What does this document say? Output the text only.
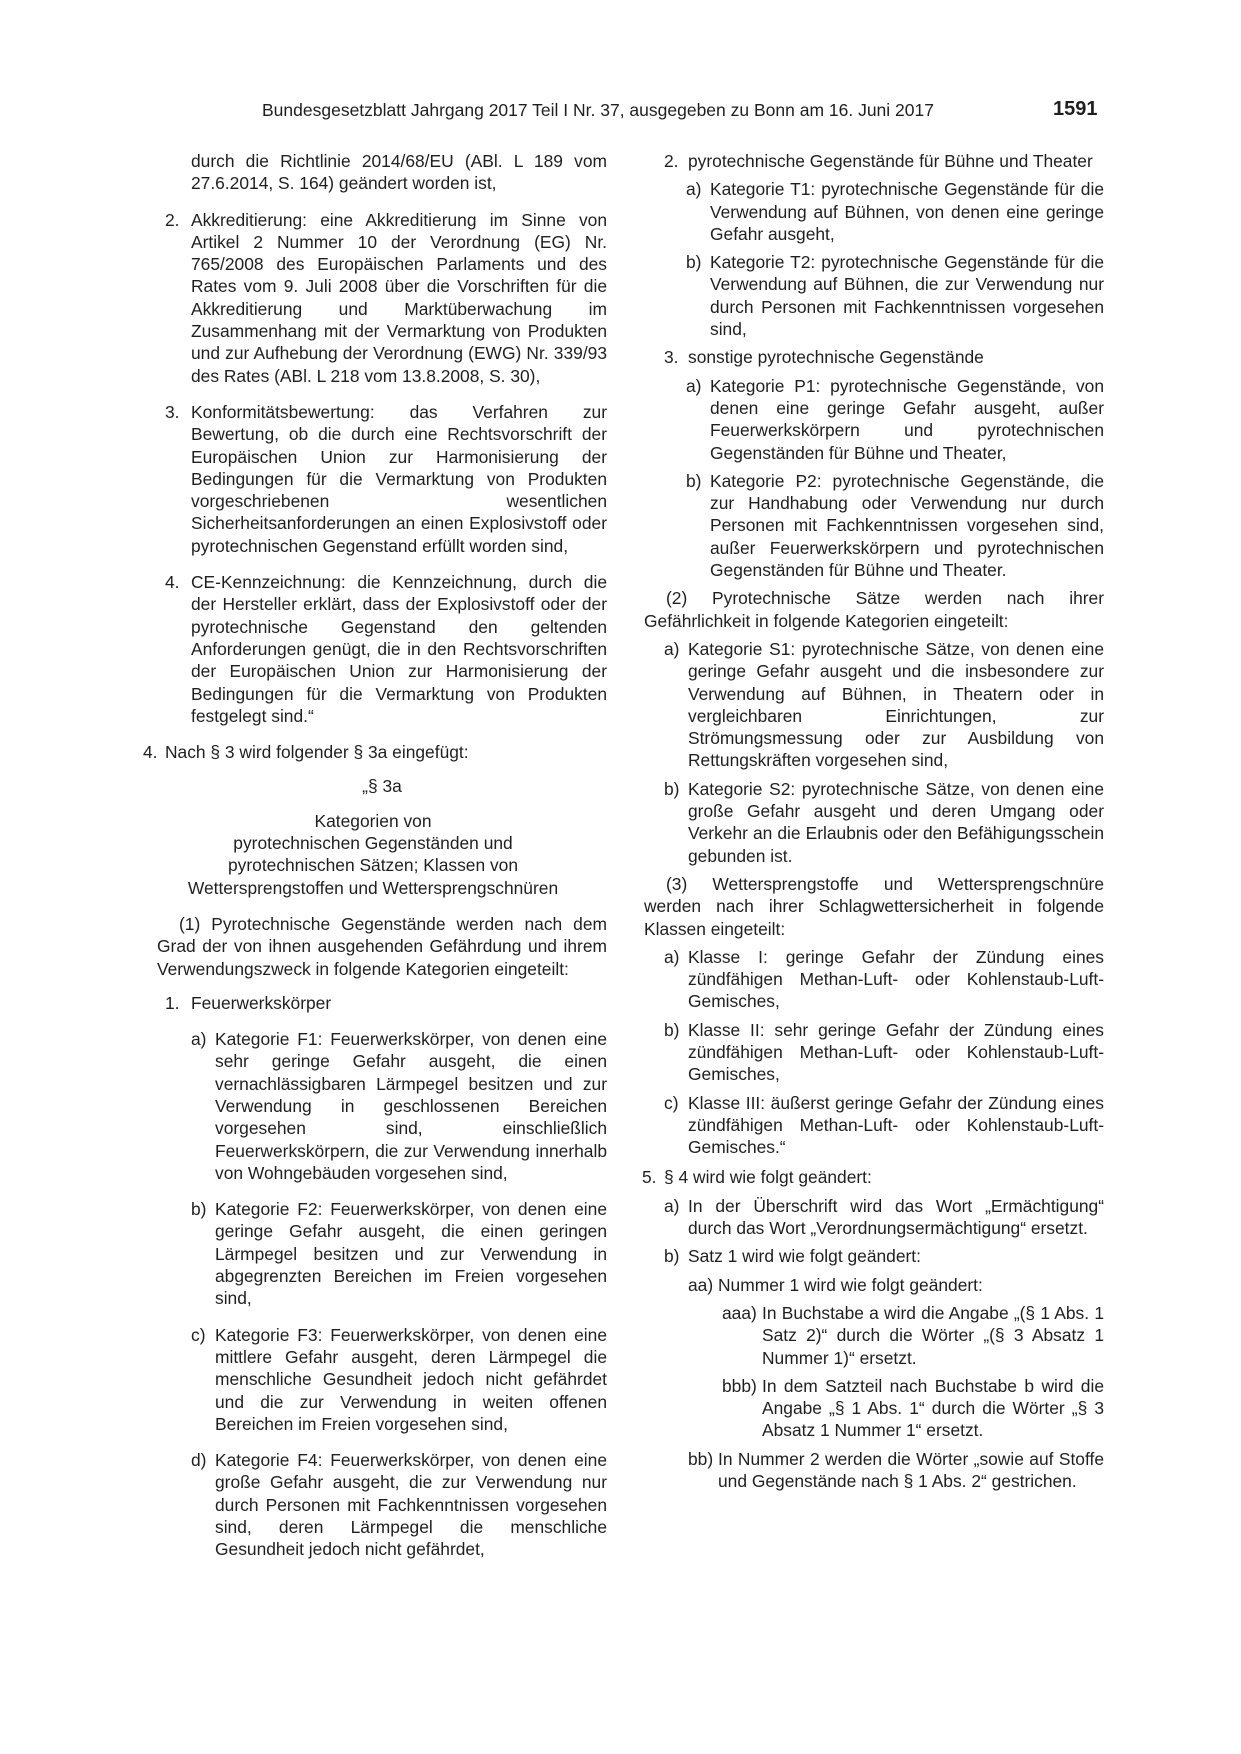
Bundesgesetzblatt Jahrgang 2017 Teil I Nr. 37, ausgegeben zu Bonn am 16. Juni 2017	1591

durch die Richtlinie 2014/68/EU (ABl. L 189 vom 27.6.2014, S. 164) geändert worden ist,

2. Akkreditierung: eine Akkreditierung im Sinne von Artikel 2 Nummer 10 der Verordnung (EG) Nr. 765/2008 des Europäischen Parlaments und des Rates vom 9. Juli 2008 über die Vorschriften für die Akkreditierung und Marktüberwachung im Zusammenhang mit der Vermarktung von Produkten und zur Aufhebung der Verordnung (EWG) Nr. 339/93 des Rates (ABl. L 218 vom 13.8.2008, S. 30),
3. Konformitätsbewertung: das Verfahren zur Bewertung, ob die durch eine Rechtsvorschrift der Europäischen Union zur Harmonisierung der Bedingungen für die Vermarktung von Produkten vorgeschriebenen wesentlichen Sicherheitsanforderungen an einen Explosivstoff oder pyrotechnischen Gegenstand erfüllt worden sind,
4. CE-Kennzeichnung: die Kennzeichnung, durch die der Hersteller erklärt, dass der Explosivstoff oder der pyrotechnische Gegenstand den geltenden Anforderungen genügt, die in den Rechtsvorschriften der Europäischen Union zur Harmonisierung der Bedingungen für die Vermarktung von Produkten festgelegt sind.“
4. Nach § 3 wird folgender § 3a eingefügt:

„§ 3a

Kategorien von
pyrotechnischen Gegenständen und
pyrotechnischen Sätzen; Klassen von
Wettersprengstoffen und Wettersprengschnüren

(1) Pyrotechnische Gegenstände werden nach dem Grad der von ihnen ausgehenden Gefährdung und ihrem Verwendungszweck in folgende Kategorien eingeteilt:

1. Feuerwerkskörper
a) Kategorie F1: Feuerwerkskörper, von denen eine sehr geringe Gefahr ausgeht, die einen vernachlässigbaren Lärmpegel besitzen und zur Verwendung in geschlossenen Bereichen vorgesehen sind, einschließlich Feuerwerkskörpern, die zur Verwendung innerhalb von Wohngebäuden vorgesehen sind,
b) Kategorie F2: Feuerwerkskörper, von denen eine geringe Gefahr ausgeht, die einen geringen Lärmpegel besitzen und zur Verwendung in abgegrenzten Bereichen im Freien vorgesehen sind,
c) Kategorie F3: Feuerwerkskörper, von denen eine mittlere Gefahr ausgeht, deren Lärmpegel die menschliche Gesundheit jedoch nicht gefährdet und die zur Verwendung in weiten offenen Bereichen im Freien vorgesehen sind,
d) Kategorie F4: Feuerwerkskörper, von denen eine große Gefahr ausgeht, die zur Verwendung nur durch Personen mit Fachkenntnissen vorgesehen sind, deren Lärmpegel die menschliche Gesundheit jedoch nicht gefährdet,
2. pyrotechnische Gegenstände für Bühne und Theater
a) Kategorie T1: pyrotechnische Gegenstände für die Verwendung auf Bühnen, von denen eine geringe Gefahr ausgeht,
b) Kategorie T2: pyrotechnische Gegenstände für die Verwendung auf Bühnen, die zur Verwendung nur durch Personen mit Fachkenntnissen vorgesehen sind,
3. sonstige pyrotechnische Gegenstände
a) Kategorie P1: pyrotechnische Gegenstände, von denen eine geringe Gefahr ausgeht, außer Feuerwerkskörpern und pyrotechnischen Gegenständen für Bühne und Theater,
b) Kategorie P2: pyrotechnische Gegenstände, die zur Handhabung oder Verwendung nur durch Personen mit Fachkenntnissen vorgesehen sind, außer Feuerwerkskörpern und pyrotechnischen Gegenständen für Bühne und Theater.

(2) Pyrotechnische Sätze werden nach ihrer Gefährlichkeit in folgende Kategorien eingeteilt:

a) Kategorie S1: pyrotechnische Sätze, von denen eine geringe Gefahr ausgeht und die insbesondere zur Verwendung auf Bühnen, in Theatern oder in vergleichbaren Einrichtungen, zur Strömungsmessung oder zur Ausbildung von Rettungskräften vorgesehen sind,
b) Kategorie S2: pyrotechnische Sätze, von denen eine große Gefahr ausgeht und deren Umgang oder Verkehr an die Erlaubnis oder den Befähigungsschein gebunden ist.

(3) Wettersprengstoffe und Wettersprengschnüre werden nach ihrer Schlagwettersicherheit in folgende Klassen eingeteilt:

a) Klasse I: geringe Gefahr der Zündung eines zündfähigen Methan-Luft- oder Kohlenstaub-Luft-Gemisches,
b) Klasse II: sehr geringe Gefahr der Zündung eines zündfähigen Methan-Luft- oder Kohlenstaub-Luft-Gemisches,
c) Klasse III: äußerst geringe Gefahr der Zündung eines zündfähigen Methan-Luft- oder Kohlenstaub-Luft-Gemisches.“
5. § 4 wird wie folgt geändert:
a) In der Überschrift wird das Wort „Ermächtigung“ durch das Wort „Verordnungsermächtigung“ ersetzt.
b) Satz 1 wird wie folgt geändert:
aa) Nummer 1 wird wie folgt geändert:
aaa) In Buchstabe a wird die Angabe „(§ 1 Abs. 1 Satz 2)“ durch die Wörter „(§ 3 Absatz 1 Nummer 1)“ ersetzt.
bbb) In dem Satzteil nach Buchstabe b wird die Angabe „§ 1 Abs. 1“ durch die Wörter „§ 3 Absatz 1 Nummer 1“ ersetzt.
bb) In Nummer 2 werden die Wörter „sowie auf Stoffe und Gegenstände nach § 1 Abs. 2“ gestrichen.
